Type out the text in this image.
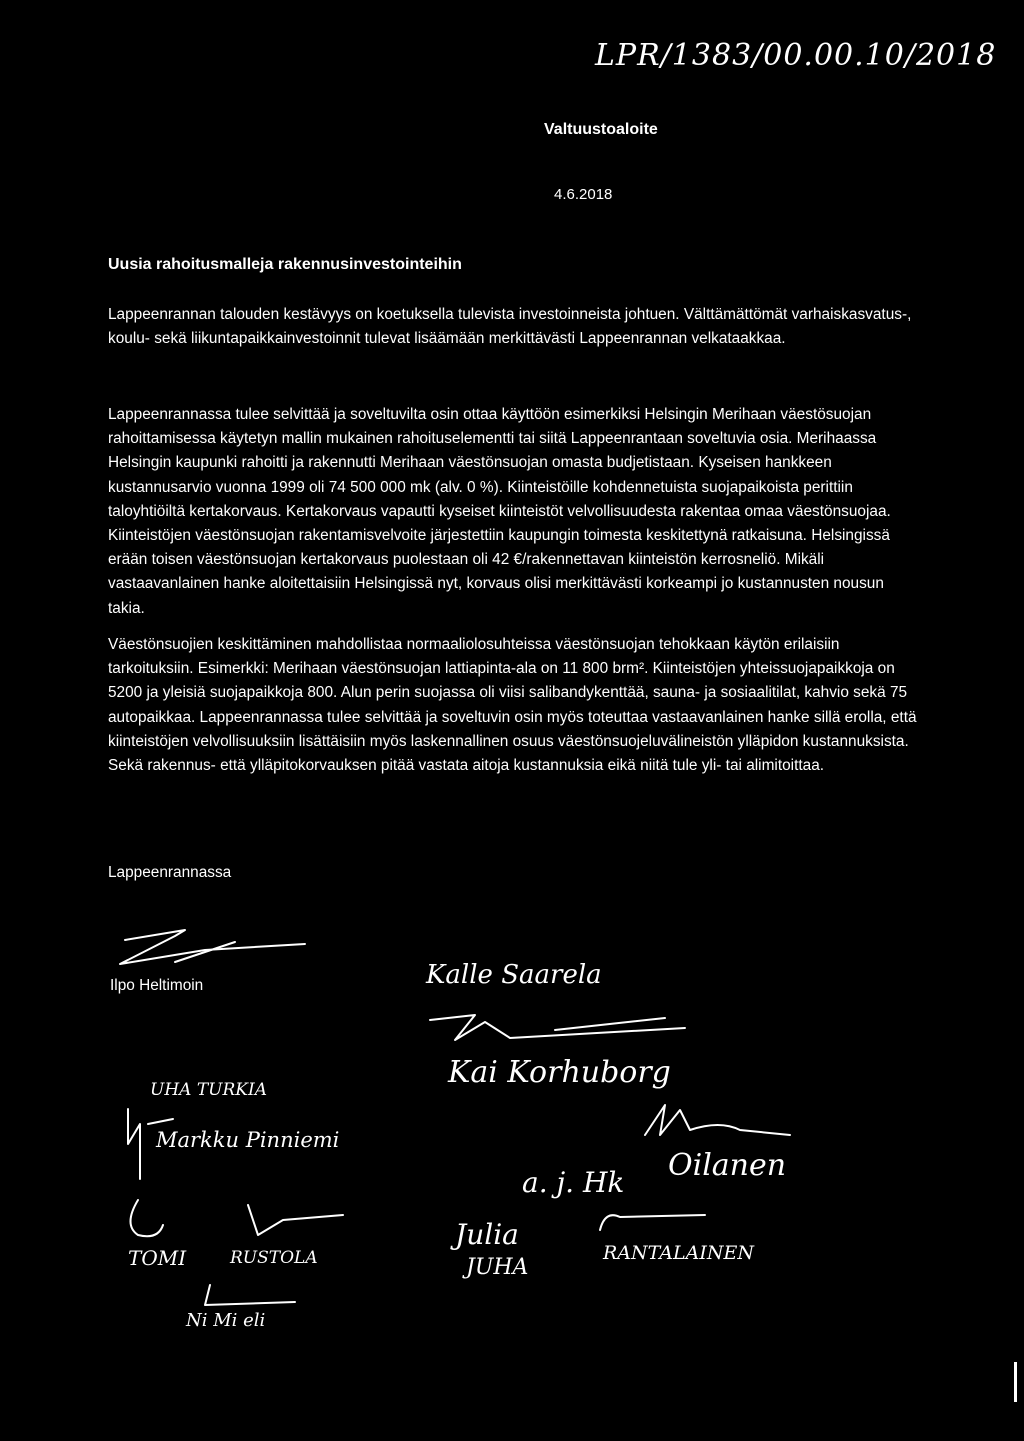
LPR/1383/00.00.10/2018
Valtuustoaloite
4.6.2018
Uusia rahoitusmalleja rakennusinvestointeihin

Lappeenrannan talouden kestävyys on koetuksella tulevista investoinneista johtuen. Välttämättömät varhaiskasvatus-, koulu- sekä liikuntapaikkainvestoinnit tulevat lisäämään merkittävästi Lappeenrannan velkataakkaa.

Lappeenrannassa tulee selvittää ja soveltuvilta osin ottaa käyttöön esimerkiksi Helsingin Merihaan väestösuojan rahoittamisessa käytetyn mallin mukainen rahoituselementti tai siitä Lappeenrantaan soveltuvia osia. Merihaassa Helsingin kaupunki rahoitti ja rakennutti Merihaan väestönsuojan omasta budjetistaan. Kyseisen hankkeen kustannusarvio vuonna 1999 oli 74 500 000 mk (alv. 0 %). Kiinteistöille kohdennetuista suojapaikoista perittiin taloyhtiöiltä kertakorvaus. Kertakorvaus vapautti kyseiset kiinteistöt velvollisuudesta rakentaa omaa väestönsuojaa. Kiinteistöjen väestönsuojan rakentamisvelvoite järjestettiin kaupungin toimesta keskitettynä ratkaisuna. Helsingissä erään toisen väestönsuojan kertakorvaus puolestaan oli 42 €/rakennettavan kiinteistön kerrosneliö. Mikäli vastaavanlainen hanke aloitettaisiin Helsingissä nyt, korvaus olisi merkittävästi korkeampi jo kustannusten nousun takia.

Väestönsuojien keskittäminen mahdollistaa normaaliolosuhteissa väestönsuojan tehokkaan käytön erilaisiin tarkoituksiin. Esimerkki: Merihaan väestönsuojan lattiapinta-ala on 11 800 brm². Kiinteistöjen yhteissuojapaikkoja on 5200 ja yleisiä suojapaikkoja 800. Alun perin suojassa oli viisi salibandykenttää, sauna- ja sosiaalitilat, kahvio sekä 75 autopaikkaa. Lappeenrannassa tulee selvittää ja soveltuvin osin myös toteuttaa vastaavanlainen hanke sillä erolla, että kiinteistöjen velvollisuuksiin lisättäisiin myös laskennallinen osuus väestönsuojeluvälineistön ylläpidon kustannuksista. Sekä rakennus- että ylläpitokorvauksen pitää vastata aitoja kustannuksia eikä niitä tule yli- tai alimitoittaa.

Lappeenrannassa
Ilpo Heltimoin	Kalle Saarela
Kai Korhuborg
UHA TURKIA
Markku Pinniemi
Oilanen
a. j. Hk
TOMI	RUSTOLA
Julia
JUHA
RANTALAINEN
Ni Mi eli
